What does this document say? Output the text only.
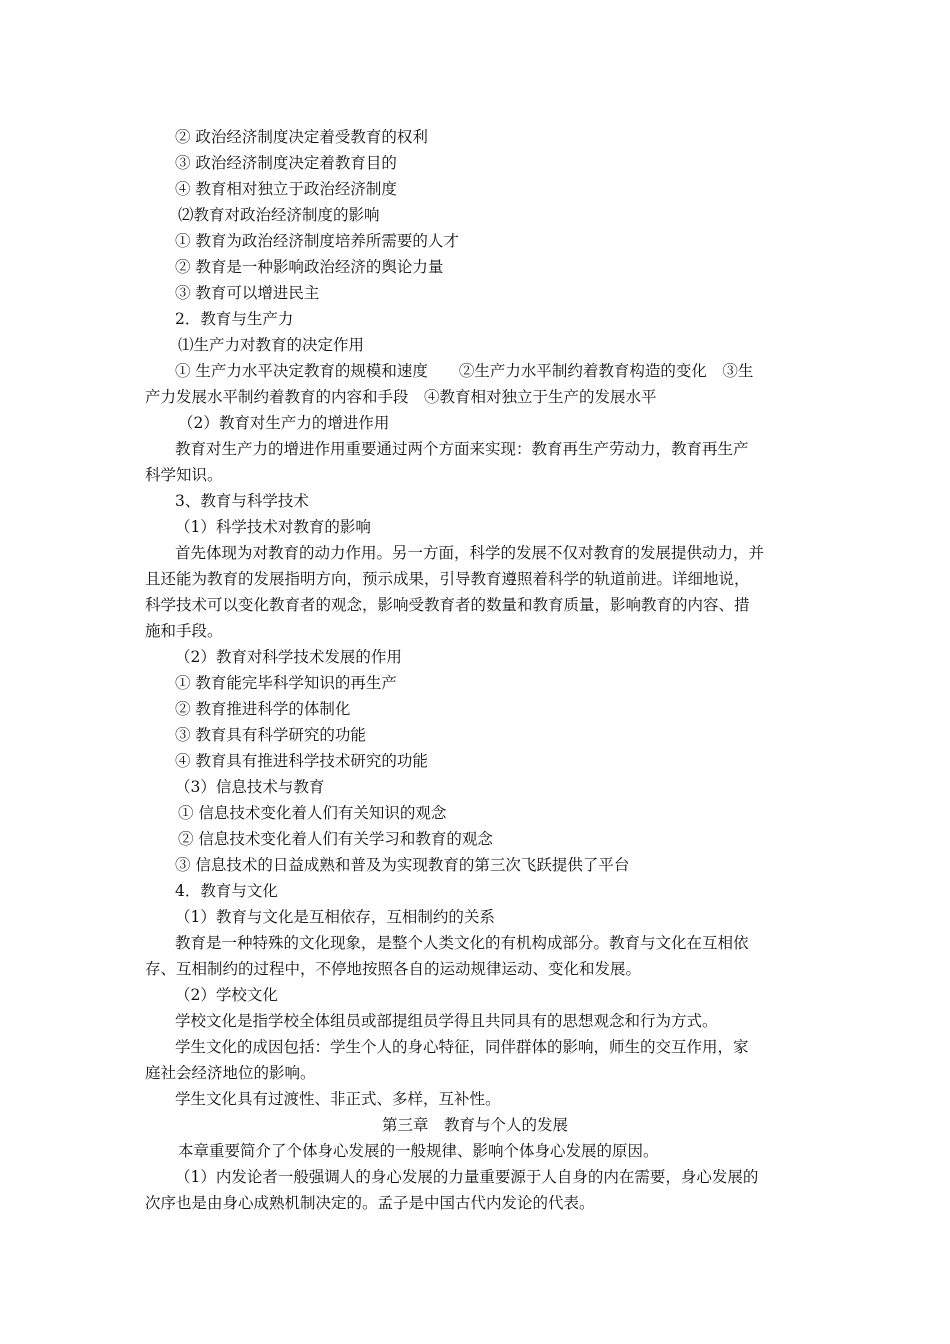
② 政治经济制度决定着受教育的权利

③ 政治经济制度决定着教育目的

④ 教育相对独立于政治经济制度

⑵教育对政治经济制度的影响

① 教育为政治经济制度培养所需要的人才

② 教育是一种影响政治经济的舆论力量

③ 教育可以增进民主

2．教育与生产力

⑴生产力对教育的决定作用

① 生产力水平决定教育的规模和速度　　②生产力水平制约着教育构造的变化　③生

产力发展水平制约着教育的内容和手段　④教育相对独立于生产的发展水平

（2）教育对生产力的增进作用

教育对生产力的增进作用重要通过两个方面来实现：教育再生产劳动力，教育再生产

科学知识。

3、教育与科学技术

（1）科学技术对教育的影响

首先体现为对教育的动力作用。另一方面，科学的发展不仅对教育的发展提供动力，并

且还能为教育的发展指明方向，预示成果，引导教育遵照着科学的轨道前进。详细地说，

科学技术可以变化教育者的观念，影响受教育者的数量和教育质量，影响教育的内容、措

施和手段。

（2）教育对科学技术发展的作用

① 教育能完毕科学知识的再生产

② 教育推进科学的体制化

③ 教育具有科学研究的功能

④ 教育具有推进科学技术研究的功能

（3）信息技术与教育

① 信息技术变化着人们有关知识的观念

② 信息技术变化着人们有关学习和教育的观念

③ 信息技术的日益成熟和普及为实现教育的第三次飞跃提供了平台

4．教育与文化

（1）教育与文化是互相依存，互相制约的关系

教育是一种特殊的文化现象，是整个人类文化的有机构成部分。教育与文化在互相依

存、互相制约的过程中，不停地按照各自的运动规律运动、变化和发展。

（2）学校文化

学校文化是指学校全体组员或部提组员学得且共同具有的思想观念和行为方式。

学生文化的成因包括：学生个人的身心特征，同伴群体的影响，师生的交互作用，家

庭社会经济地位的影响。

学生文化具有过渡性、非正式、多样，互补性。

第三章　教育与个人的发展

本章重要简介了个体身心发展的一般规律、影响个体身心发展的原因。

（1）内发论者一般强调人的身心发展的力量重要源于人自身的内在需要，身心发展的

次序也是由身心成熟机制决定的。孟子是中国古代内发论的代表。
